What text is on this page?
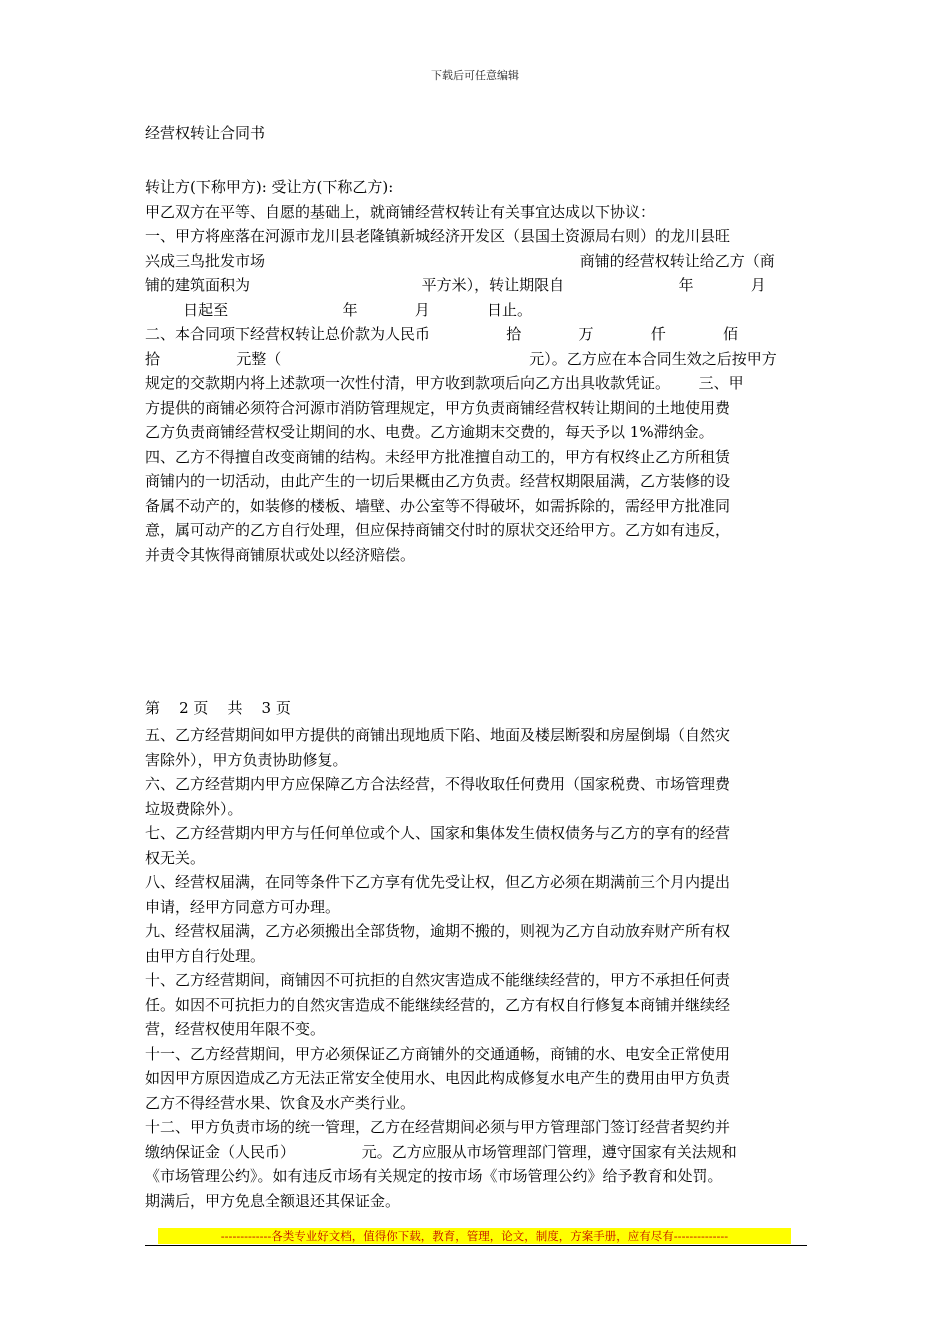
下载后可任意编辑
经营权转让合同书

转让方(下称甲方): 受让方(下称乙方):

甲乙双方在平等、自愿的基础上，就商铺经营权转让有关事宜达成以下协议：

一、甲方将座落在河源市龙川县老隆镇新城经济开发区（县国土资源局右则）的龙川县旺

兴成三鸟批发市场                                                                  商铺的经营权转让给乙方（商

铺的建筑面积为                                    平方米），转让期限自                        年            月

日起至                        年            月            日止。

二、本合同项下经营权转让总价款为人民币                拾            万            仟            佰

拾                元整（                                                    元）。乙方应在本合同生效之后按甲方

规定的交款期内将上述款项一次性付清，甲方收到款项后向乙方出具收款凭证。      三、甲

方提供的商铺必须符合河源市消防管理规定，甲方负责商铺经营权转让期间的土地使用费

乙方负责商铺经营权受让期间的水、电费。乙方逾期末交费的，每天予以 1%滞纳金。

四、乙方不得擅自改变商铺的结构。未经甲方批准擅自动工的，甲方有权终止乙方所租赁

商铺内的一切活动，由此产生的一切后果概由乙方负责。经营权期限届满，乙方装修的设

备属不动产的，如装修的楼板、墙壁、办公室等不得破坏，如需拆除的，需经甲方批准同

意，属可动产的乙方自行处理，但应保持商铺交付时的原状交还给甲方。乙方如有违反，

并责令其恢得商铺原状或处以经济赔偿。

第    2 页    共    3 页

五、乙方经营期间如甲方提供的商铺出现地质下陷、地面及楼层断裂和房屋倒塌（自然灾

害除外），甲方负责协助修复。

六、乙方经营期内甲方应保障乙方合法经营，不得收取任何费用（国家税费、市场管理费

垃圾费除外）。

七、乙方经营期内甲方与任何单位或个人、国家和集体发生债权债务与乙方的享有的经营

权无关。

八、经营权届满，在同等条件下乙方享有优先受让权，但乙方必须在期满前三个月内提出

申请，经甲方同意方可办理。

九、经营权届满，乙方必须搬出全部货物，逾期不搬的，则视为乙方自动放弃财产所有权

由甲方自行处理。

十、乙方经营期间，商铺因不可抗拒的自然灾害造成不能继续经营的，甲方不承担任何责

任。如因不可抗拒力的自然灾害造成不能继续经营的，乙方有权自行修复本商铺并继续经

营，经营权使用年限不变。

十一、乙方经营期间，甲方必须保证乙方商铺外的交通通畅，商铺的水、电安全正常使用

如因甲方原因造成乙方无法正常安全使用水、电因此构成修复水电产生的费用由甲方负责

乙方不得经营水果、饮食及水产类行业。

十二、甲方负责市场的统一管理，乙方在经营期间必须与甲方管理部门签订经营者契约并

缴纳保证金（人民币）              元。乙方应服从市场管理部门管理，遵守国家有关法规和

《市场管理公约》。如有违反市场有关规定的按市场《市场管理公约》给予教育和处罚。

期满后，甲方免息全额退还其保证金。

-------------各类专业好文档，值得你下载，教育，管理，论文，制度，方案手册，应有尽有--------------
